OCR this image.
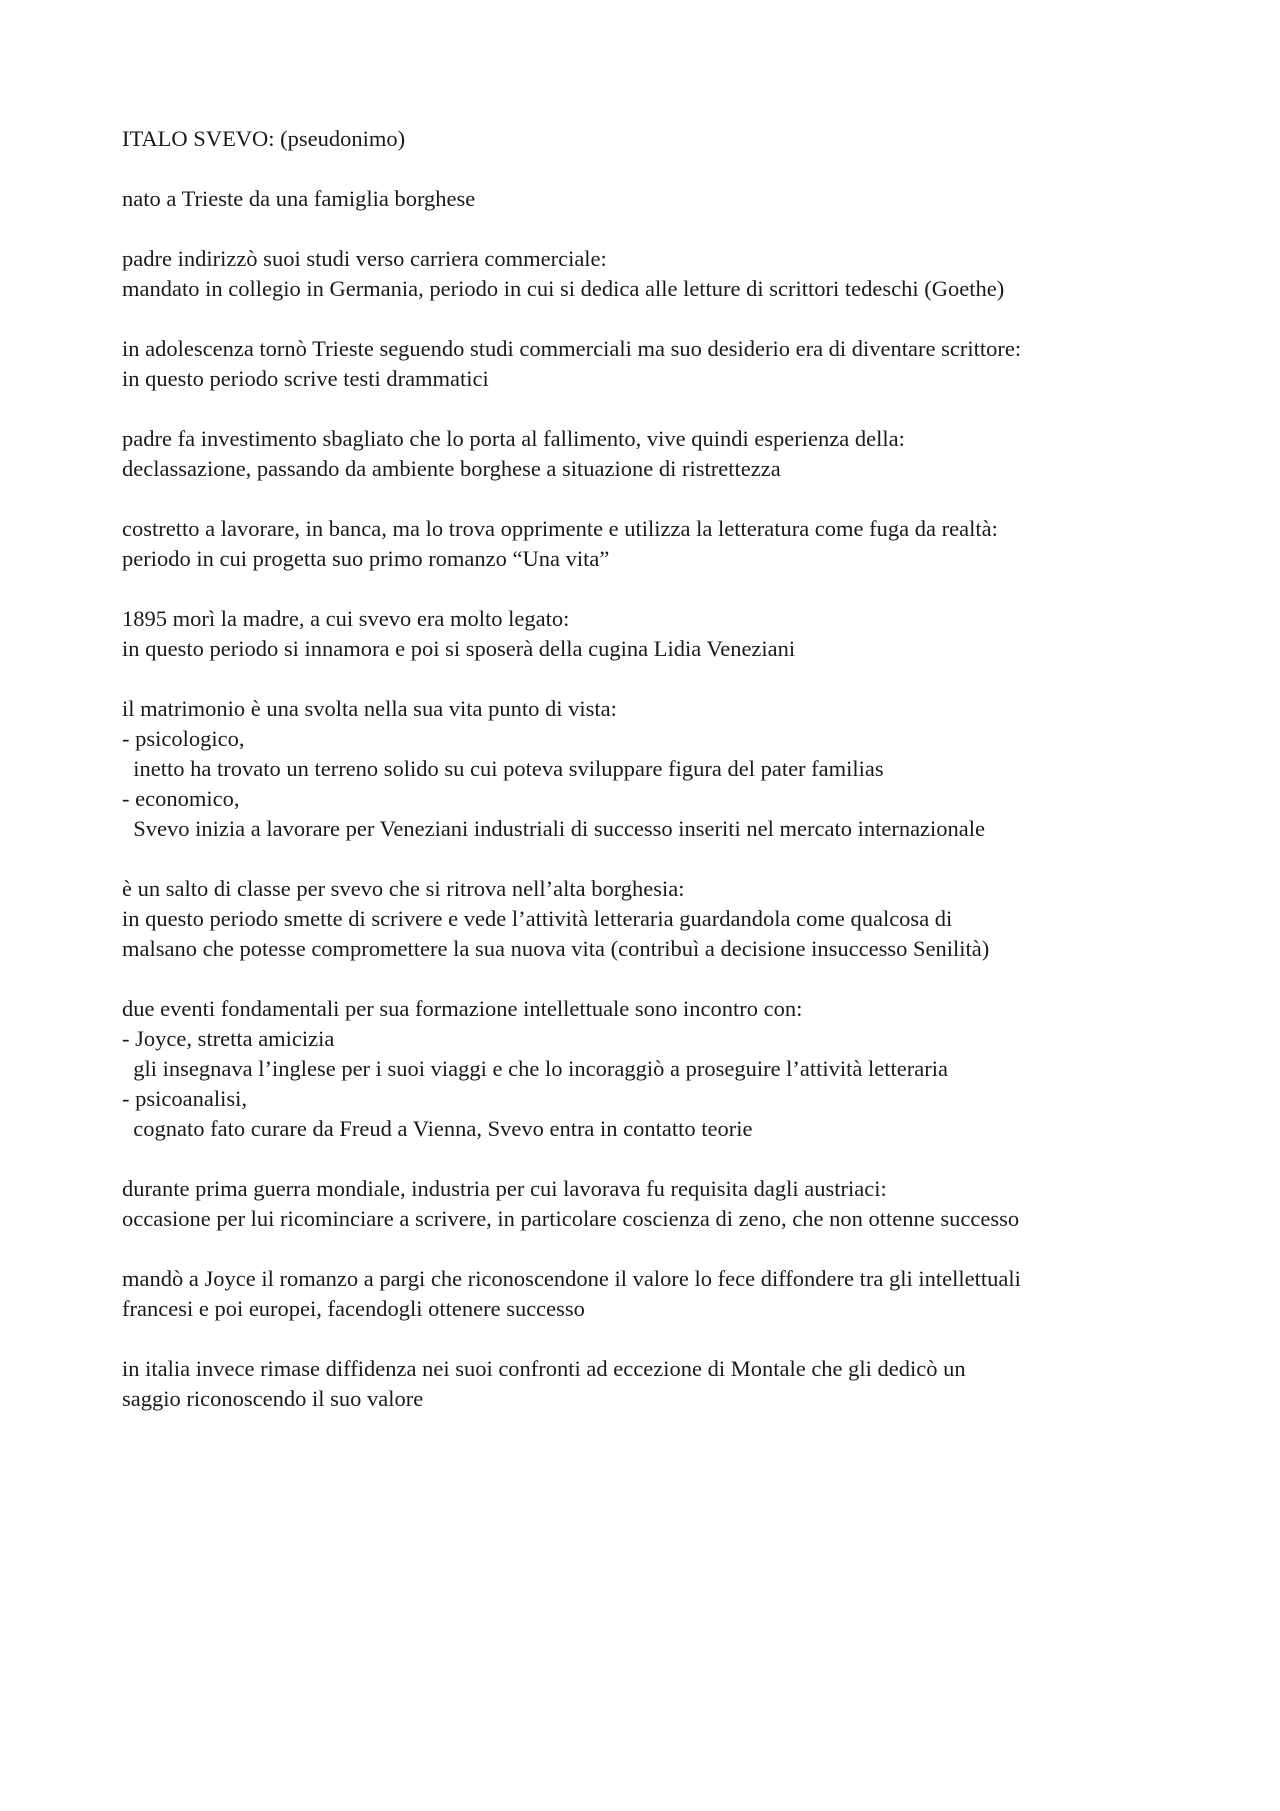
ITALO SVEVO: (pseudonimo)
nato a Trieste da una famiglia borghese
padre indirizzò suoi studi verso carriera commerciale:
mandato in collegio in Germania, periodo in cui si dedica alle letture di scrittori tedeschi (Goethe)
in adolescenza tornò Trieste seguendo studi commerciali ma suo desiderio era di diventare scrittore:
in questo periodo scrive testi drammatici
padre fa investimento sbagliato che lo porta al fallimento, vive quindi esperienza della:
declassazione, passando da ambiente borghese a situazione di ristrettezza
costretto a lavorare, in banca, ma lo trova opprimente e utilizza la letteratura come fuga da realtà:
periodo in cui progetta suo primo romanzo “Una vita”
1895 morì la madre, a cui svevo era molto legato:
in questo periodo si innamora e poi si sposerà della cugina Lidia Veneziani
il matrimonio è una svolta nella sua vita punto di vista:
- psicologico,
inetto ha trovato un terreno solido su cui poteva sviluppare figura del pater familias
- economico,
Svevo inizia a lavorare per Veneziani industriali di successo inseriti nel mercato internazionale
è un salto di classe per svevo che si ritrova nell’alta borghesia:
in questo periodo smette di scrivere e vede l’attività letteraria guardandola come qualcosa di
malsano che potesse compromettere la sua nuova vita (contribuì a decisione insuccesso Senilità)
due eventi fondamentali per sua formazione intellettuale sono incontro con:
- Joyce, stretta amicizia
gli insegnava l’inglese per i suoi viaggi e che lo incoraggiò a proseguire l’attività letteraria
- psicoanalisi,
cognato fato curare da Freud a Vienna, Svevo entra in contatto teorie
durante prima guerra mondiale, industria per cui lavorava fu requisita dagli austriaci:
occasione per lui ricominciare a scrivere, in particolare coscienza di zeno, che non ottenne successo
mandò a Joyce il romanzo a pargi che riconoscendone il valore lo fece diffondere tra gli intellettuali
francesi e poi europei, facendogli ottenere successo
in italia invece rimase diffidenza nei suoi confronti ad eccezione di Montale che gli dedicò un
saggio riconoscendo il suo valore
